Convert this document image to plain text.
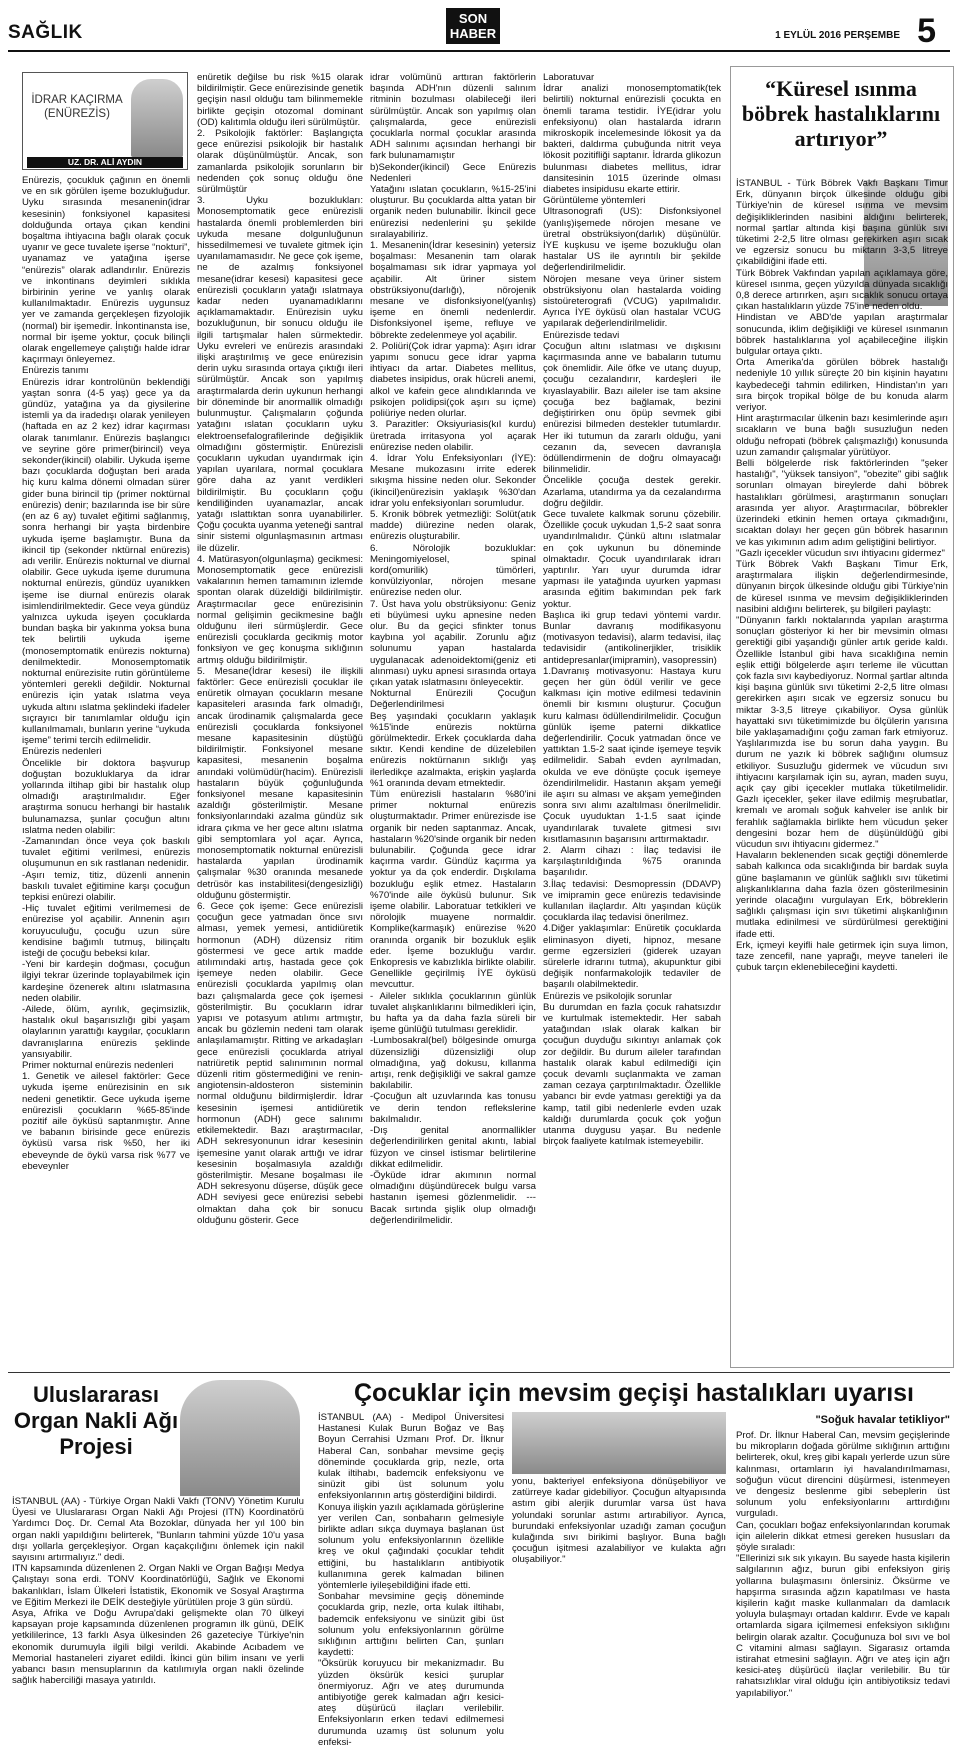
SAĞLIK
SON
HABER	1 EYLÜL 2016 PERŞEMBE 5
İDRAR KAÇIRMA
(ENÜREZİS)
UZ. DR. ALİ AYDIN
Enürezis, çocukluk çağının en önemli ve en sık görülen işeme bozukluğudur. Uyku sırasında mesanenin(idrar kesesinin) fonksiyonel kapasitesi dolduğunda ortaya çıkan kendini boşaltma ihtiyacına bağlı olarak çocuk uyanır ve gece tuvalete işerse “nokturi”, uyanamaz ve yatağına işerse “enürezis” olarak adlandırılır. Enürezis ve inkontinans deyimleri sıklıkla birbirinin yerine ve yanlış olarak kullanılmaktadır. Enürezis uygunsuz yer ve zamanda gerçekleşen fizyolojik (normal) bir işemedir. İnkontinansta ise, normal bir işeme yoktur, çocuk bilinçli olarak engellemeye çalıştığı halde idrar kaçırmayı önleyemez.
Enürezis tanımı
Enürezis idrar kontrolünün beklendiği yaştan sonra (4-5 yaş) gece ya da gündüz, yatağına ya da giysilerine istemli ya da iradedışı olarak yenileyen (haftada en az 2 kez) idrar kaçırması olarak tanımlanır. Enürezis başlangıcı ve seyrine göre primer(birincil) veya sekonder(ikincil) olabilir. Uykuda işeme bazı çocuklarda doğuştan beri arada hiç kuru kalma dönemi olmadan sürer gider buna birincil tip (primer noktürnal enürezis) denir; bazılarında ise bir süre (en az 6 ay) tuvalet eğitimi sağlanmış, sonra herhangi bir yaşta birdenbire uykuda işeme başlamıştır. Buna da ikincil tip (sekonder nktürnal enürezis) adı verilir. Enürezis nokturnal ve diurnal olabilir. Gece uykuda işeme durumuna nokturnal enürezis, gündüz uyanıkken işeme ise diurnal enürezis olarak isimlendirilmektedir. Gece veya gündüz yalnızca uykuda işeyen çocuklarda bundan başka bir yakınma yoksa buna tek belirtili uykuda işeme (monosemptomatik enürezis nokturna) denilmektedir. Monosemptomatik nokturnal enürezisite rutin görüntüleme yöntemleri gerekli değildir. Nokturnal enürezis için yatak ıslatma veya uykuda altını ıslatma şeklindeki ifadeler sıçrayıcı bir tanımlamlar olduğu için kullanılmamalı, bunların yerine “uykuda işeme” terimi tercih edilmelidir.
Enürezis nedenleri
Öncelikle bir doktora başvurup doğuştan bozukluklarya da idrar yollarında iltihap gibi bir hastalık olup olmadığı araştırılmalıdır. Eğer araştırma sonucu herhangi bir hastalık bulunamazsa, şunlar çocuğun altını ıslatma neden olabilir:
-Zamanından önce veya çok baskılı tuvalet eğitimi verilmesi, enürezis oluşumunun en sık rastlanan nedenidir.
-Aşırı temiz, titiz, düzenli annenin baskılı tuvalet eğitimine karşı çocuğun tepkisi enürezi olabilir.
-Hiç tuvalet eğitimi verilmemesi de enürezise yol açabilir. Annenin aşırı koruyuculuğu, çocuğu uzun süre kendisine bağımlı tutmuş, bilinçaltı isteği de çocuğu bebeksi kılar.
-Yeni bir kardeşin doğması, çocuğun ilgiyi tekrar üzerinde toplayabilmek için kardeşine özenerek altını ıslatmasına neden olabilir.
-Ailede, ölüm, ayrılık, geçimsizlik, hastalık okul başarısızlığı gibi yaşam olaylarının yarattığı kaygılar, çocukların davranışlarına enürezis şeklinde yansıyabilir.
Primer nokturnal enürezis nedenleri
1. Genetik ve ailesel faktörler: Gece uykuda işeme enürezisinin en sık nedeni genetiktir. Gece uykuda işeme enürezisli çocukların %65-85'inde pozitif aile öyküsü saptanmıştır. Anne ve babanın birisinde gece enürezis öyküsü varsa risk %50, her iki ebeveynde de öykü varsa risk %77 ve ebeveynler
enüretik değilse bu risk %15 olarak bildirilmiştir. Gece enürezisinde genetik geçişin nasıl olduğu tam bilinmemekle birlikte geçişin otozomal dominant (OD) kalıtımla olduğu ileri sürülmüştür.
2. Psikolojik faktörler: Başlangıçta gece enürezisi psikolojik bir hastalık olarak düşünülmüştür. Ancak, son zamanlarda psikolojik sorunların bir nedenden çok sonuç olduğu öne sürülmüştür
3. Uyku bozuklukları: Monosemptomatik gece enürezisli hastalarda önemli problemlerden biri uykuda mesane dolgunluğunun hissedilmemesi ve tuvalete gitmek için uyanılamamasıdır. Ne gece çok işeme, ne de azalmış fonksiyonel mesane(idrar kesesi) kapasitesi gece enürezisli çocukların yatağı ıslatmaya kadar neden uyanamadıklarını açıklamamaktadır. Enürezisin uyku bozukluğunun, bir sonucu olduğu ile ilgili tartışmalar halen sürmektedir. Uyku evreleri ve enürezis arasındaki ilişki araştırılmış ve gece enürezisin derin uyku sırasında ortaya çıktığı ileri sürülmüştür. Ancak son yapılmış araştırmalarda derin uykunun herhangi bir döneminde bir anormallik olmadığı bulunmuştur. Çalışmaların çoğunda yatağını ıslatan çocukların uyku elektroensefalografilerinde değişiklik olmadığını göstermiştir. Enürezisli çocukların uykudan uyandırmak için yapılan uyarılara, normal çocuklara göre daha az yanıt verdikleri bildirilmiştir. Bu çocukların çoğu kendiliğinden uyanamazlar, ancak yatağı ıslattıktan sonra uyanabilirler. Çoğu çocukta uyanma yeteneği santral sinir sistemi olgunlaşmasının artması ile düzelir.
4. Matürasyon(olgunlaşma) gecikmesi: Monosemptomatik gece enürezisli vakalarının hemen tamamının izlemde spontan olarak düzeldiği bildirilmiştir. Araştırmacılar gece enürezisinin normal gelişimin gecikmesine bağlı olduğunu ileri sürmüşlerdir. Gece enürezisli çocuklarda gecikmiş motor fonksiyon ve geç konuşma sıklığının artmış olduğu bildirilmiştir.
5. Mesane(İdrar kesesi) ile ilişkili faktörler: Gece enürezisli çocuklar ile enüretik olmayan çocukların mesane kapasiteleri arasında fark olmadığı, ancak ürodinamik çalışmalarda gece enürezisli çocuklarda fonksiyonel mesane kapasitesinin düştüğü bildirilmiştir. Fonksiyonel mesane kapasitesi, mesanenin boşalma anındaki volümüdür(hacim). Enürezisli hastaların büyük çoğunluğunda fonksiyonel mesane kapasitesinin azaldığı gösterilmiştir. Mesane fonksiyonlarındaki azalma gündüz sık idrara çıkma ve her gece altını ıslatma gibi semptomlara yol açar. Ayrıca, monosemptomatik nokturnal enürezisli hastalarda yapılan ürodinamik çalışmalar %30 oranında mesanede detrüsör kas instabilitesi(dengesizliği) olduğunu göstermiştir.
6. Gece çok işeme: Gece enürezisli çocuğun gece yatmadan önce sıvı alması, yemek yemesi, antidiüretik hormonun (ADH) düzensiz ritim göstermesi ve gece artık madde atılımındaki artış, hastada gece çok işemeye neden olabilir. Gece enürezisli çocuklarda yapılmış olan bazı çalışmalarda gece çok işemesi gösterilmiştir. Bu çocukların idrar yapısı ve potasyum atılımı artmıştır, ancak bu gözlemin nedeni tam olarak anlaşılamamıştır. Ritting ve arkadaşları gece enürezisli çocuklarda atriyal natriüretik peptid salınımının normal düzenli ritim göstermediğini ve renin-angiotensin-aldosteron sisteminin normal olduğunu bildirmişlerdir. İdrar kesesinin işemesi antidiüretik hormonun (ADH) gece salınımı etkilemektedir. Bazı araştırmacılar, ADH sekresyonunun idrar kesesinin işemesine yanıt olarak arttığı ve idrar kesesinin boşalmasıyla azaldığı gösterilmiştir. Mesane boşalması ile ADH sekresyonu düşerse, düşük gece ADH seviyesi gece enürezisi sebebi olmaktan daha çok bir sonucu olduğunu gösterir. Gece
idrar volümünü arttıran faktörlerin başında ADH'nın düzenli salınım ritminin bozulması olabileceği ileri sürülmüştür. Ancak son yapılmış olan çalışmalarda, gece enürezisli çocuklarla normal çocuklar arasında ADH salınımı açısından herhangi bir fark bulunamamıştır
b)Sekonder(ikincil) Gece Enürezis Nedenleri
Yatağını ıslatan çocukların, %15-25'ini oluşturur. Bu çocuklarda altta yatan bir organik neden bulunabilir. İkincil gece enürezisi nedenlerini şu şekilde sıralayabiliriz.
1. Mesanenin(İdrar kesesinin) yetersiz boşalması: Mesanenin tam olarak boşalmaması sık idrar yapmaya yol açabilir. Alt üriner sistem obstrüksiyonu(darlığı), nörojenik mesane ve disfonksiyonel(yanlış) işeme en önemli nedenlerdir. Disfonksiyonel işeme, refluye ve böbrekte zedelenmeye yol açabilir.
2. Poliüri(Çok idrar yapma): Aşırı idrar yapımı sonucu gece idrar yapma ihtiyacı da artar. Diabetes mellitus, diabetes insipidus, orak hücreli anemi, alkol ve kafein gece alındıklarında ve psikojen polidipsi(çok aşırı su içme) poliüriye neden olurlar.
3. Parazitler: Oksiyuriasis(kıl kurdu) üretrada irritasyona yol açarak enürezise neden olabilir.
4. İdrar Yolu Enfeksiyonları (İYE): Mesane mukozasını irrite ederek sıkışma hissine neden olur. Sekonder (ikincil)enürezisin yaklaşık %30'dan idrar yolu enfeksiyonları sorumludur.
5. Kronik böbrek yetmezliği: Solüt(atık madde) diürezine neden olarak, enürezis oluşturabilir.
6. Nörolojik bozukluklar: Meningomiyelosel, spinal kord(omurilik) tümörleri, konvülziyonlar, nörojen mesane enürezise neden olur.
7. Üst hava yolu obstrüksiyonu: Geniz eti büyümesi uyku apnesine neden olur. Bu da geçici sfinkter tonus kaybına yol açabilir. Zorunlu ağız solunumu yapan hastalarda uygulanacak adenoidektomi(geniz eti alınması) uyku apnesi sırasında ortaya çıkan yatak ıslatmasını önleyecektir.
Nokturnal Enürezili Çocuğun Değerlendirilmesi
Beş yaşındaki çocukların yaklaşık %15'inde enürezis noktürna görülmektedir. Erkek çocuklarda daha sıktır. Kendi kendine de düzelebilen enürezis noktürnanın sıklığı yaş ilerledikçe azalmakta, erişkin yaşlarda %1 oranında devam etmektedir.
Tüm enürezisli hastaların %80'ini primer nokturnal enürezis oluşturmaktadır. Primer enürezisde ise organik bir neden saptanmaz. Ancak, hastaların %20'sinde organik bir neden bulunabilir. Çoğunda gece idrar kaçırma vardır. Gündüz kaçırma ya yoktur ya da çok enderdir. Dışkılama bozukluğu eşlik etmez. Hastaların %70'inde aile öyküsü bulunur. Sık işeme olabilir. Laboratuar tetkikleri ve nörolojik muayene normaldir. Komplike(karmaşık) enürezise %20 oranında organik bir bozukluk eşlik eder. İşeme bozukluğu vardır. Enkopresis ve kabızlıkla birlikte olabilir. Genellikle geçirilmiş İYE öyküsü mevcuttur.
- Aileler sıklıkla çocuklarının günlük tuvalet alışkanlıklarını bilmedikleri için, bu hafta ya da daha fazla süreli bir işeme günlüğü tutulması gereklidir.
-Lumbosakral(bel) bölgesinde omurga düzensizliği düzensizliği olup olmadığına, yağ dokusu, kıllanma artışı, renk değişikliği ve sakral gamze bakılabilir.
-Çocuğun alt uzuvlarında kas tonusu ve derin tendon reflekslerine bakılmalıdır.
-Dış genital anormallikler değerlendirilirken genital akıntı, labial füzyon ve cinsel istismar belirtilerine dikkat edilmelidir.
-Öyküde idrar akımının normal olmadığını düşündürecek bulgu varsa hastanın işemesi gözlenmelidir. ---Bacak sırtında şişlik olup olmadığı değerlendirilmelidir.
Laboratuvar
İdrar analizi monosemptomatik(tek belirtili) nokturnal enürezisli çocukta en önemli tarama testidir. İYE(idrar yolu enfeksiyonu) olan hastalarda idrarın mikroskopik incelemesinde lökosit ya da bakteri, daldırma çubuğunda nitrit veya lökosit pozitifliği saptanır. İdrarda glikozun bulunması diabetes mellitus, idrar dansitesinin 1015 üzerinde olması diabetes insipidusu ekarte ettirir.
Görüntüleme yöntemleri
Ultrasonografi (US): Disfonksiyonel (yanlış)işemede nörojen mesane ve üretral obstrüksiyon(darlık) düşünülür. İYE kuşkusu ve işeme bozukluğu olan hastalar US ile ayrıntılı bir şekilde değerlendirilmelidir.
Nörojen mesane veya üriner sistem obstrüksiyonu olan hastalarda voiding sistoüreterografi (VCUG) yapılmalıdır. Ayrıca İYE öyküsü olan hastalar VCUG yapılarak değerlendirilmelidir.
Enürezisde tedavi
Çocuğun altını ıslatması ve dışkısını kaçırmasında anne ve babaların tutumu çok önemlidir. Aile öfke ve utanç duyup, çocuğu cezalandırır, kardeşleri ile kıyaslayabilir. Bazı aileler ise tam aksine çocuğa bez bağlamak, bezini değiştirirken onu öpüp sevmek gibi enürezisi bilmeden destekler tutumlardır. Her iki tutumun da zararlı olduğu, yani cezanın da, sevecen davranışla ödüllendirmenin de doğru olmayacağı bilinmelidir.
Öncelikle çocuğa destek gerekir. Azarlama, utandırma ya da cezalandırma doğru değildir.
Gece tuvalete kalkmak sorunu çözebilir. Özellikle çocuk uykudan 1,5-2 saat sonra uyandırılmalıdır. Çünkü altını ıslatmalar en çok uykunun bu döneminde olmaktadır. Çocuk uyandırılarak idrarı yaptırılır. Yarı uyur durumda idrar yapması ile yatağında uyurken yapması arasında eğitim bakımından pek fark yoktur.
Başlıca iki grup tedavi yöntemi vardır. Bunlar davranış modifikasyonu (motivasyon tedavisi), alarm tedavisi, ilaç tedavisidir (antikolinerjikler, trisiklik antidepresanlar(imipramin), vasopressin)
1.Davranış motivasyonu: Hastaya kuru geçen her gün ödül verilir ve gece kalkması için motive edilmesi tedavinin önemli bir kısmını oluşturur. Çocuğun kuru kalması ödüllendirilmelidir. Çocuğun günlük işeme paterni dikkatlice değerlendirilir. Çocuk yatmadan önce ve yattıktan 1.5-2 saat içinde işemeye teşvik edilmelidir. Sabah evden ayrılmadan, okulda ve eve dönüşte çocuk işemeye özendirilmelidir. Hastanın akşam yemeği ile aşırı su alması ve akşam yemeğinden sonra sıvı alımı azaltılması önerilmelidir. Çocuk uyuduktan 1-1.5 saat içinde uyandırılarak tuvalete gitmesi sıvı kısıtlamasının başarısını arttırmaktadır.
2. Alarm cihazı : İlaç tedavisi ile karşılaştırıldığında %75 oranında başarılıdır.
3.İlaç tedavisi: Desmopressin (DDAVP) ve imipramin gece enürezis tedavisinde kullanılan ilaçlardır. Altı yaşından küçük çocuklarda ilaç tedavisi önerilmez.
4.Diğer yaklaşımlar: Enüretik çocuklarda eliminasyon diyeti, hipnoz, mesane germe egzersizleri (giderek uzayan sürelerle idrarını tutma), akupunktur gibi değişik nonfarmakolojik tedaviler de başarılı olabilmektedir.
Enürezis ve psikolojik sorunlar
Bu durumdan en fazla çocuk rahatsızdır ve kurtulmak istemektedir. Her sabah yatağından ıslak olarak kalkan bir çocuğun duyduğu sıkıntıyı anlamak çok zor değildir. Bu durum aileler tarafından hastalık olarak kabul edilmediği için çocuk devamlı suçlanmakta ve zaman zaman cezaya çarptırılmaktadır. Özellikle yabancı bir evde yatması gerektiği ya da kamp, tatil gibi nedenlerle evden uzak kaldığı durumlarda çocuk çok yoğun utanma duygusu yaşar. Bu nedenle birçok faaliyete katılmak istemeyebilir.
“Küresel ısınma böbrek hastalıklarını artırıyor”
İSTANBUL - Türk Böbrek Vakfı Başkanı Timur Erk, dünyanın birçok ülkesinde olduğu gibi Türkiye'nin de küresel ısınma ve mevsim değişikliklerinden nasibini aldığını belirterek, normal şartlar altında kişi başına günlük sıvı tüketimi 2-2,5 litre olması gerekirken aşırı sıcak ve egzersiz sonucu bu miktarın 3-3,5 litreye çıkabildiğini ifade etti.
Türk Böbrek Vakfından yapılan açıklamaya göre, küresel ısınma, geçen yüzyılda dünyada sıcaklığı 0,8 derece artırırken, aşırı sıcaklık sonucu ortaya çıkan hastalıkların yüzde 75'ine neden oldu.
Hindistan ve ABD'de yapılan araştırmalar sonucunda, iklim değişikliği ve küresel ısınmanın böbrek hastalıklarına yol açabileceğine ilişkin bulgular ortaya çıktı.
Orta Amerika'da görülen böbrek hastalığı nedeniyle 10 yıllık süreçte 20 bin kişinin hayatını kaybedeceği tahmin edilirken, Hindistan'ın yarı sıra birçok tropikal bölge de bu konuda alarm veriyor.
Hint araştırmacılar ülkenin bazı kesimlerinde aşırı sıcakların ve buna bağlı susuzluğun neden olduğu nefropati (böbrek çalışmazlığı) konusunda uzun zamandır çalışmalar yürütüyor.
Belli bölgelerde risk faktörlerinden "şeker hastalığı", "yüksek tansiyon", "obezite" gibi sağlık sorunları olmayan bireylerde dahi böbrek hastalıkları görülmesi, araştırmanın sonuçları arasında yer alıyor. Araştırmacılar, böbrekler üzerindeki etkinin hemen ortaya çıkmadığını, sıcaktan dolayı her geçen gün böbrek hasarının ve kas yıkımının adım adım geliştiğini belirtiyor.
"Gazlı içecekler vücudun sıvı ihtiyacını gidermez"
Türk Böbrek Vakfı Başkanı Timur Erk, araştırmalara ilişkin değerlendirmesinde, dünyanın birçok ülkesinde olduğu gibi Türkiye'nin de küresel ısınma ve mevsim değişikliklerinden nasibini aldığını belirterek, şu bilgileri paylaştı:
"Dünyanın farklı noktalarında yapılan araştırma sonuçları gösteriyor ki her bir mevsimin olması gerektiği gibi yaşandığı günler artık geride kaldı. Özellikle İstanbul gibi hava sıcaklığına nemin eşlik ettiği bölgelerde aşırı terleme ile vücuttan çok fazla sıvı kaybediyoruz. Normal şartlar altında kişi başına günlük sıvı tüketimi 2-2,5 litre olması gerekirken aşırı sıcak ve egzersiz sonucu bu miktar 3-3,5 litreye çıkabiliyor. Oysa günlük hayattaki sıvı tüketimimizde bu ölçülerin yarısına bile yaklaşamadığını çoğu zaman fark etmiyoruz. Yaşlılarımızda ise bu sorun daha yaygın. Bu durum ne yazık ki böbrek sağlığını olumsuz etkiliyor. Susuzluğu gidermek ve vücudun sıvı ihtiyacını karşılamak için su, ayran, maden suyu, açık çay gibi içecekler mutlaka tüketilmelidir. Gazlı içecekler, şeker ilave edilmiş meşrubatlar, kremalı ve aromalı soğuk kahveler ise anlık bir ferahlık sağlamakla birlikte hem vücudun şeker dengesini bozar hem de düşünüldüğü gibi vücudun sıvı ihtiyacını gidermez."
Havaların beklenenden sıcak geçtiği dönemlerde sabah kalkınca oda sıcaklığında bir bardak suyla güne başlamanın ve günlük sağlıklı sıvı tüketimi alışkanlıklarına daha fazla özen gösterilmesinin yerinde olacağını vurgulayan Erk, böbreklerin sağlıklı çalışması için sıvı tüketimi alışkanlığının mutlaka edinilmesi ve sürdürülmesi gerektiğini ifade etti.
Erk, içmeyi keyifli hale getirmek için suya limon, taze zencefil, nane yaprağı, meyve taneleri ile çubuk tarçın eklenebileceğini kaydetti.
Uluslararası Organ Nakli Ağı Projesi
İSTANBUL (AA) - Türkiye Organ Nakli Vakfı (TONV) Yönetim Kurulu Üyesi ve Uluslararası Organ Nakli Ağı Projesi (ITN) Koordinatörü Yardımcı Doç. Dr. Cemal Ata Bozoklar, dünyada her yıl 100 bin organ nakli yapıldığını belirterek, "Bunların tahmini yüzde 10'u yasa dışı yollarla gerçekleşiyor. Organ kaçakçılığını önlemek için nakil sayısını artırmalıyız." dedi.
ITN kapsamında düzenlenen 2. Organ Nakli ve Organ Bağışı Medya Çalıştayı sona erdi. TONV Koordinatörlüğü, Sağlık ve Ekonomi bakanlıkları, İslam Ülkeleri İstatistik, Ekonomik ve Sosyal Araştırma ve Eğitim Merkezi ile DEİK desteğiyle yürütülen proje 3 gün sürdü.
Asya, Afrika ve Doğu Avrupa'daki gelişmekte olan 70 ülkeyi kapsayan proje kapsamında düzenlenen programın ilk günü, DEİK yetkililerince, 13 farklı Asya ülkesinden 26 gazeteciye Türkiye'nin ekonomik durumuyla ilgili bilgi verildi. Akabinde Acıbadem ve Memorial hastaneleri ziyaret edildi. İkinci gün bilim insanı ve yerli yabancı basın mensuplarının da katılımıyla organ nakli özelinde sağlık haberciliği masaya yatırıldı.
Çocuklar için mevsim geçişi hastalıkları uyarısı
İSTANBUL (AA) - Medipol Üniversitesi Hastanesi Kulak Burun Boğaz ve Baş Boyun Cerrahisi Uzmanı Prof. Dr. İlknur Haberal Can, sonbahar mevsime geçiş döneminde çocuklarda grip, nezle, orta kulak iltihabı, bademcik enfeksiyonu ve sinüzit gibi üst solunum yolu enfeksiyonlarının artış gösterdiğini bildirdi.
Konuya ilişkin yazılı açıklamada görüşlerine yer verilen Can, sonbaharın gelmesiyle birlikte adları sıkça duymaya başlanan üst solunum yolu enfeksiyonlarının özellikle kreş ve okul çağındaki çocuklar tehdit ettiğini, bu hastalıkların antibiyotik kullanımına gerek kalmadan bilinen yöntemlerle iyileşebildiğini ifade etti.
Sonbahar mevsimine geçiş döneminde çocuklarda grip, nezle, orta kulak iltihabı, bademcik enfeksiyonu ve sinüzit gibi üst solunum yolu enfeksiyonlarının görülme sıklığının arttığını belirten Can, şunları kaydetti:
"Öksürük koruyucu bir mekanizmadır. Bu yüzden öksürük kesici şuruplar önermiyoruz. Ağrı ve ateş durumunda antibiyotiğe gerek kalmadan ağrı kesici-ateş düşürücü ilaçları verilebilir. Enfeksiyonların erken tedavi edilmemesi durumunda uzamış üst solunum yolu enfeksi-
yonu, bakteriyel enfeksiyona dönüşebiliyor ve zatürreye kadar gidebiliyor. Çocuğun altyapısında astım gibi alerjik durumlar varsa üst hava yolundaki sorunlar astımı artırabiliyor. Ayrıca, burundaki enfeksiyonlar uzadığı zaman çocuğun kulağında sıvı birikimi başlıyor. Buna bağlı çocuğun işitmesi azalabiliyor ve kulakta ağrı oluşabiliyor."
"Soğuk havalar tetikliyor"
Prof. Dr. İlknur Haberal Can, mevsim geçişlerinde bu mikropların doğada görülme sıklığının arttığını belirterek, okul, kreş gibi kapalı yerlerde uzun süre kalınması, ortamların iyi havalandırılmaması, soğuğun vücut direncini düşürmesi, istenmeyen ve dengesiz beslenme gibi sebeplerin üst solunum yolu enfeksiyonlarını arttırdığını vurguladı.
Can, çocukları boğaz enfeksiyonlarından korumak için ailelerin dikkat etmesi gereken hususları da şöyle sıraladı:
"Ellerinizi sık sık yıkayın. Bu sayede hasta kişilerin salgılarının ağız, burun gibi enfeksiyon giriş yollarına bulaşmasını önlersiniz. Öksürme ve hapşırma sırasında ağzın kapatılması ve hasta kişilerin kağıt maske kullanmaları da damlacık yoluyla bulaşmayı ortadan kaldırır. Evde ve kapalı ortamlarda sigara içilmemesi enfeksiyon sıklığını belirgin olarak azaltır. Çocuğunuza bol sıvı ve bol C vitamini alması sağlayın. Sigarasız ortamda istirahat etmesini sağlayın. Ağrı ve ateş için ağrı kesici-ateş düşürücü ilaçlar verilebilir. Bu tür rahatsızlıklar viral olduğu için antibiyotiksiz tedavi yapılabiliyor."
